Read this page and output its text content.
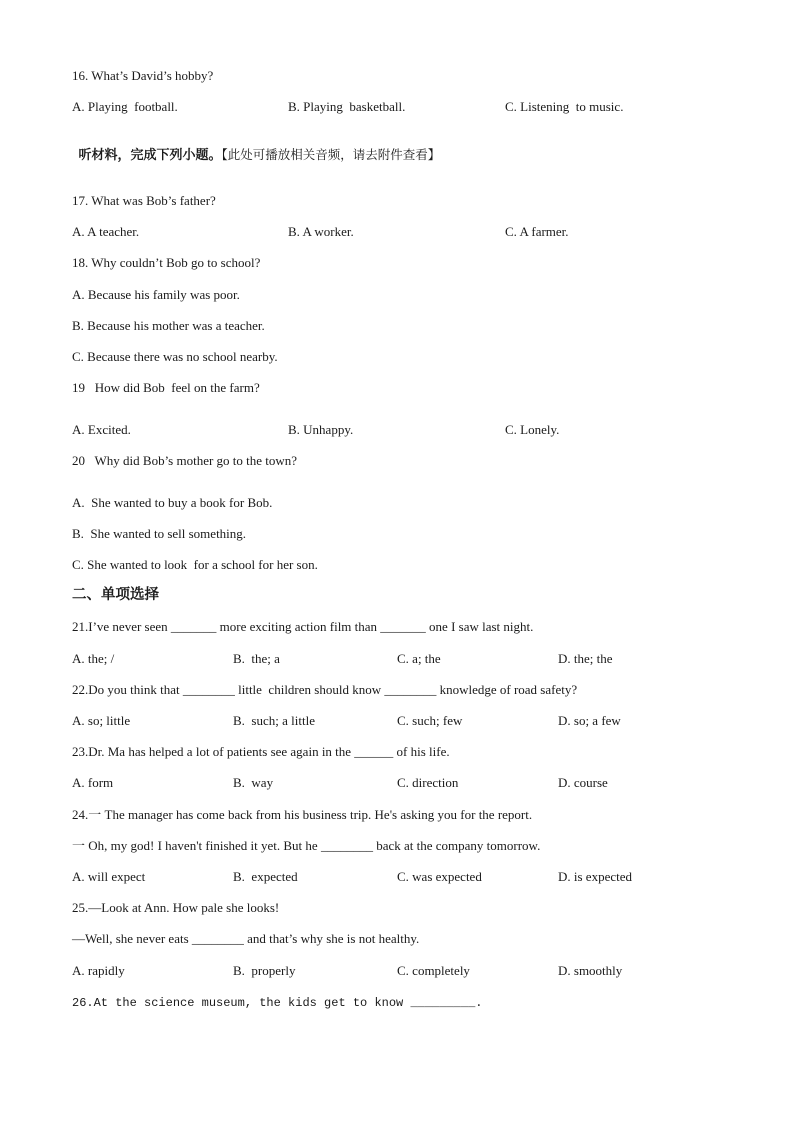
16. What’s David’s hobby?
A. Playing  football.	B. Playing  basketball.	C. Listening  to music.

听材料，完成下列小题。【此处可播放相关音频，请去附件查看】

17. What was Bob’s father?
A. A teacher.	B. A worker.	C. A farmer.
18. Why couldn’t Bob go to school?
A. Because his family was poor.
B. Because his mother was a teacher.
C. Because there was no school nearby.
19   How did Bob  feel on the farm?
A. Excited.	B. Unhappy.	C. Lonely.
20   Why did Bob’s mother go to the town?
A.  She wanted to buy a book for Bob.
B.  She wanted to sell something.
C. She wanted to look  for a school for her son.
二、单项选择
21.I’ve never seen _______ more exciting action film than _______ one I saw last night.
A. the; /	B.  the; a	C. a; the	D. the; the
22.Do you think that ________ little  children should know ________ knowledge of road safety?
A. so; little	B.  such; a little	C. such; few	D. so; a few
23.Dr. Ma has helped a lot of patients see again in the ______ of his life.
A. form	B.  way	C. direction	D. course
24.一 The manager has come back from his business trip. He's asking you for the report.
一 Oh, my god! I haven't finished it yet. But he ________ back at the company tomorrow.
A. will expect	B.  expected	C. was expected	D. is expected
25.—Look at Ann. How pale she looks!
—Well, she never eats ________ and that’s why she is not healthy.
A. rapidly	B.  properly	C. completely	D. smoothly
26.At the science museum, the kids get to know _________.
